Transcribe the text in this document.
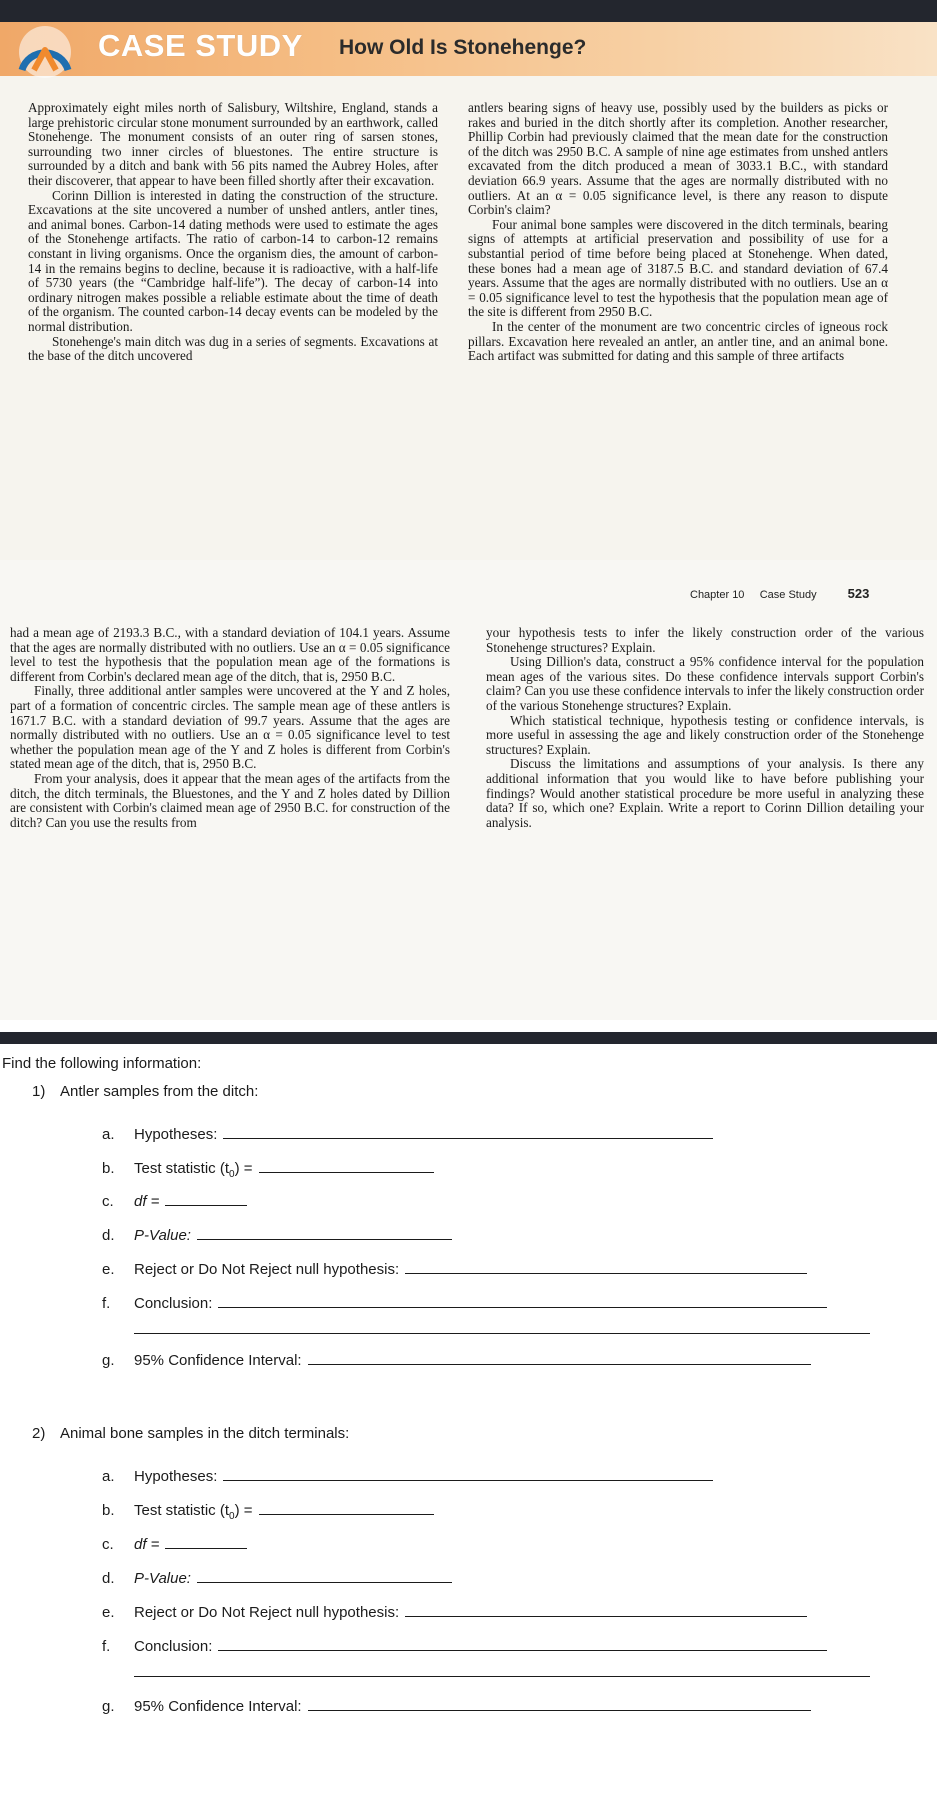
CASE STUDY How Old Is Stonehenge?

Approximately eight miles north of Salisbury, Wiltshire, England, stands a large prehistoric circular stone monument surrounded by an earthwork, called Stonehenge. The monument consists of an outer ring of sarsen stones, surrounding two inner circles of bluestones. The entire structure is surrounded by a ditch and bank with 56 pits named the Aubrey Holes, after their discoverer, that appear to have been filled shortly after their excavation.

Corinn Dillion is interested in dating the construction of the structure. Excavations at the site uncovered a number of unshed antlers, antler tines, and animal bones. Carbon-14 dating methods were used to estimate the ages of the Stonehenge artifacts. The ratio of carbon-14 to carbon-12 remains constant in living organisms. Once the organism dies, the amount of carbon-14 in the remains begins to decline, because it is radioactive, with a half-life of 5730 years (the “Cambridge half-life”). The decay of carbon-14 into ordinary nitrogen makes possible a reliable estimate about the time of death of the organism. The counted carbon-14 decay events can be modeled by the normal distribution.

Stonehenge's main ditch was dug in a series of segments. Excavations at the base of the ditch uncovered

antlers bearing signs of heavy use, possibly used by the builders as picks or rakes and buried in the ditch shortly after its completion. Another researcher, Phillip Corbin had previously claimed that the mean date for the construction of the ditch was 2950 B.C. A sample of nine age estimates from unshed antlers excavated from the ditch produced a mean of 3033.1 B.C., with standard deviation 66.9 years. Assume that the ages are normally distributed with no outliers. At an α = 0.05 significance level, is there any reason to dispute Corbin's claim?

Four animal bone samples were discovered in the ditch terminals, bearing signs of attempts at artificial preservation and possibility of use for a substantial period of time before being placed at Stonehenge. When dated, these bones had a mean age of 3187.5 B.C. and standard deviation of 67.4 years. Assume that the ages are normally distributed with no outliers. Use an α = 0.05 significance level to test the hypothesis that the population mean age of the site is different from 2950 B.C.

In the center of the monument are two concentric circles of igneous rock pillars. Excavation here revealed an antler, an antler tine, and an animal bone. Each artifact was submitted for dating and this sample of three artifacts

Chapter 10 Case Study 523

had a mean age of 2193.3 B.C., with a standard deviation of 104.1 years. Assume that the ages are normally distributed with no outliers. Use an α = 0.05 significance level to test the hypothesis that the population mean age of the formations is different from Corbin's declared mean age of the ditch, that is, 2950 B.C.

Finally, three additional antler samples were uncovered at the Y and Z holes, part of a formation of concentric circles. The sample mean age of these antlers is 1671.7 B.C. with a standard deviation of 99.7 years. Assume that the ages are normally distributed with no outliers. Use an α = 0.05 significance level to test whether the population mean age of the Y and Z holes is different from Corbin's stated mean age of the ditch, that is, 2950 B.C.

From your analysis, does it appear that the mean ages of the artifacts from the ditch, the ditch terminals, the Bluestones, and the Y and Z holes dated by Dillion are consistent with Corbin's claimed mean age of 2950 B.C. for construction of the ditch? Can you use the results from

your hypothesis tests to infer the likely construction order of the various Stonehenge structures? Explain.

Using Dillion's data, construct a 95% confidence interval for the population mean ages of the various sites. Do these confidence intervals support Corbin's claim? Can you use these confidence intervals to infer the likely construction order of the various Stonehenge structures? Explain.

Which statistical technique, hypothesis testing or confidence intervals, is more useful in assessing the age and likely construction order of the Stonehenge structures? Explain.

Discuss the limitations and assumptions of your analysis. Is there any additional information that you would like to have before publishing your findings? Would another statistical procedure be more useful in analyzing these data? If so, which one? Explain. Write a report to Corinn Dillion detailing your analysis.

Find the following information:
1) Antler samples from the ditch:
a. Hypotheses:
b. Test statistic $(t_0)$ =
c. df =
d. P-Value:
e. Reject or Do Not Reject null hypothesis:
f. Conclusion:
g. 95% Confidence Interval:
2) Animal bone samples in the ditch terminals:
a. Hypotheses:
b. Test statistic $(t_0)$ =
c. df =
d. P-Value:
e. Reject or Do Not Reject null hypothesis:
f. Conclusion:
g. 95% Confidence Interval:
